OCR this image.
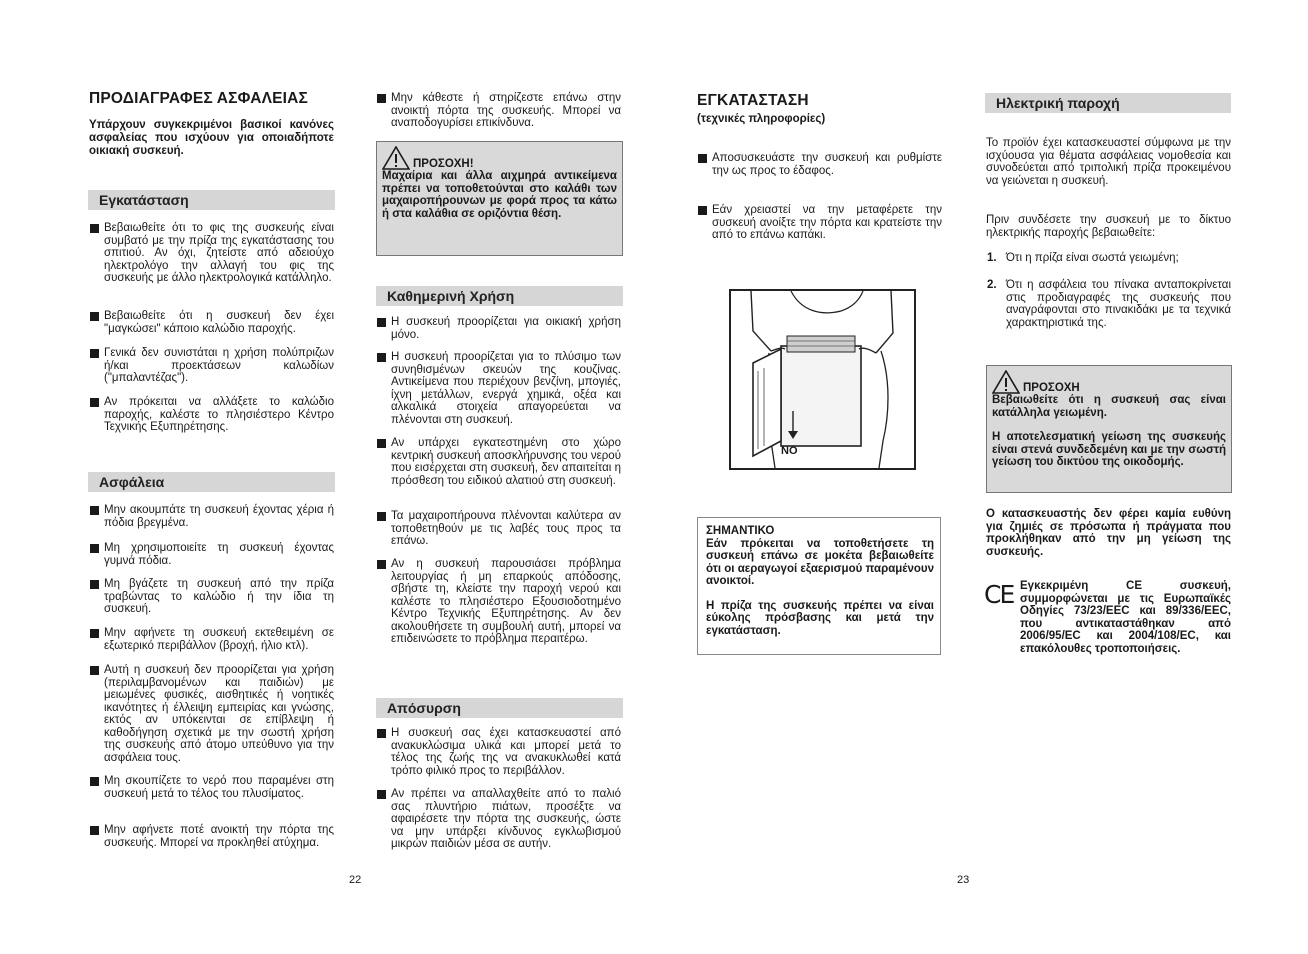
ΠΡΟΔΙΑΓΡΑΦΕΣ ΑΣΦΑΛΕΙΑΣ
Υπάρχουν συγκεκριμένοι βασικοί κανόνες ασφαλείας που ισχύουν για οποιαδήποτε οικιακή συσκευή.
Εγκατάσταση
Βεβαιωθείτε ότι το φις της συσκευής είναι συμβατό με την πρίζα της εγκατάστασης του σπιτιού. Αν όχι, ζητείστε από αδειούχο ηλεκτρολόγο την αλλαγή του φις της συσκευής με άλλο ηλεκτρολογικά κατάλληλο.
Βεβαιωθείτε ότι η συσκευή δεν έχει "μαγκώσει" κάποιο καλώδιο παροχής.
Γενικά δεν συνιστάται η χρήση πολύπριζων ή/και προεκτάσεων καλωδίων ("μπαλαντέζας").
Αν πρόκειται να αλλάξετε το καλώδιο παροχής, καλέστε το πλησιέστερο Κέντρο Τεχνικής Εξυπηρέτησης.
Ασφάλεια
Μην ακουμπάτε τη συσκευή έχοντας χέρια ή πόδια βρεγμένα.
Μη χρησιμοποιείτε τη συσκευή έχοντας γυμνά πόδια.
Μη βγάζετε τη συσκευή από την πρίζα τραβώντας το καλώδιο ή την ίδια τη συσκευή.
Μην αφήνετε τη συσκευή εκτεθειμένη σε εξωτερικό περιβάλλον (βροχή, ήλιο κτλ).
Αυτή η συσκευή δεν προορίζεται για χρήση (περιλαμβανομένων και παιδιών) με μειωμένες φυσικές, αισθητικές ή νοητικές ικανότητες ή έλλειψη εμπειρίας και γνώσης, εκτός αν υπόκεινται σε επίβλεψη ή καθοδήγηση σχετικά με την σωστή χρήση της συσκευής από άτομο υπεύθυνο για την ασφάλεια τους.
Μη σκουπίζετε το νερό που παραμένει στη συσκευή μετά το τέλος του πλυσίματος.
Μην αφήνετε ποτέ ανοικτή την πόρτα της συσκευής. Μπορεί να προκληθεί ατύχημα.
Μην κάθεστε ή στηρίζεστε επάνω στην ανοικτή πόρτα της συσκευής. Μπορεί να αναποδογυρίσει επικίνδυνα.
ΠΡΟΣΟΧΗ!
Μαχαίρια και άλλα αιχμηρά αντικείμενα πρέπει να τοποθετούνται στο καλάθι των μαχαιροπήρουνων με φορά προς τα κάτω ή στα καλάθια σε οριζόντια θέση.
Καθημερινή Χρήση
Η συσκευή προορίζεται για οικιακή χρήση μόνο.
Η συσκευή προορίζεται για το πλύσιμο των συνηθισμένων σκευών της κουζίνας. Αντικείμενα που περιέχουν βενζίνη, μπογιές, ίχνη μετάλλων, ενεργά χημικά, οξέα και αλκαλικά στοιχεία απαγορεύεται να πλένονται στη συσκευή.
Αν υπάρχει εγκατεστημένη στο χώρο κεντρική συσκευή αποσκλήρυνσης του νερού που εισέρχεται στη συσκευή, δεν απαιτείται η πρόσθεση του ειδικού αλατιού στη συσκευή.
Τα μαχαιροπήρουνα πλένονται καλύτερα αν τοποθετηθούν με τις λαβές τους προς τα επάνω.
Αν η συσκευή παρουσιάσει πρόβλημα λειτουργίας ή μη επαρκούς απόδοσης, σβήστε τη, κλείστε την παροχή νερού και καλέστε το πλησιέστερο Εξουσιοδοτημένο Κέντρο Τεχνικής Εξυπηρέτησης. Αν δεν ακολουθήσετε τη συμβουλή αυτή, μπορεί να επιδεινώσετε το πρόβλημα περαιτέρω.
Απόσυρση
Η συσκευή σας έχει κατασκευαστεί από ανακυκλώσιμα υλικά και μπορεί μετά το τέλος της ζωής της να ανακυκλωθεί κατά τρόπο φιλικό προς το περιβάλλον.
Αν πρέπει να απαλλαχθείτε από το παλιό σας πλυντήριο πιάτων, προσέξτε να αφαιρέσετε την πόρτα της συσκευής, ώστε να μην υπάρξει κίνδυνος εγκλωβισμού μικρών παιδιών μέσα σε αυτήν.
22
ΕΓΚΑΤΑΣΤΑΣΗ
(τεχνικές πληροφορίες)
Αποσυσκευάστε την συσκευή και ρυθμίστε την ως προς το έδαφος.
Εάν χρειαστεί να την μεταφέρετε την συσκευή ανοίξτε την πόρτα και κρατείστε την από το επάνω καπάκι.
NO
ΣΗΜΑΝΤΙΚΟ
Εάν πρόκειται να τοποθετήσετε τη συσκευή επάνω σε μοκέτα βεβαιωθείτε ότι οι αεραγωγοί εξαερισμού παραμένουν ανοικτοί.
Η πρίζα της συσκευής πρέπει να είναι εύκολης πρόσβασης και μετά την εγκατάσταση.
23
Ηλεκτρική παροχή
Το προϊόν έχει κατασκευαστεί σύμφωνα με την ισχύουσα για θέματα ασφάλειας νομοθεσία και συνοδεύεται από τριπολική πρίζα προκειμένου να γειώνεται η συσκευή.
Πριν συνδέσετε την συσκευή με το δίκτυο ηλεκτρικής παροχής βεβαιωθείτε:
1. Ότι η πρίζα είναι σωστά γειωμένη;
2. Ότι η ασφάλεια του πίνακα ανταποκρίνεται στις προδιαγραφές της συσκευής που αναγράφονται στο πινακιδάκι με τα τεχνικά χαρακτηριστικά της.
ΠΡΟΣΟΧΗ
Βεβαιωθείτε ότι η συσκευή σας είναι κατάλληλα γειωμένη.
Η αποτελεσματική γείωση της συσκευής είναι στενά συνδεδεμένη και με την σωστή γείωση του δικτύου της οικοδομής.
Ο κατασκευαστής δεν φέρει καμία ευθύνη για ζημιές σε πρόσωπα ή πράγματα που προκλήθηκαν από την μη γείωση της συσκευής.
CE Εγκεκριμένη CE συσκευή, συμμορφώνεται με τις Ευρωπαϊκές Οδηγίες 73/23/EEC και 89/336/EEC, που αντικαταστάθηκαν από 2006/95/EC και 2004/108/EC, και επακόλουθες τροποποιήσεις.
